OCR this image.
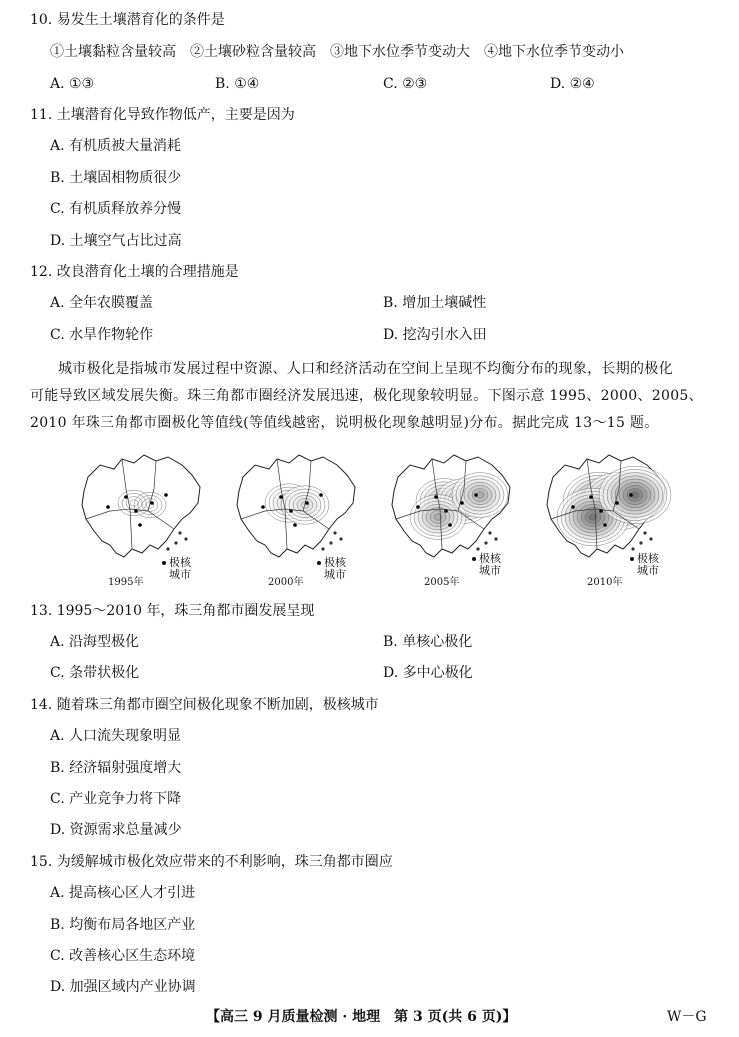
10. 易发生土壤潜育化的条件是
①土壤黏粒含量较高　②土壤砂粒含量较高　③地下水位季节变动大　④地下水位季节变动小
A. ①③	B. ①④	C. ②③	D. ②④
11. 土壤潜育化导致作物低产，主要是因为
A. 有机质被大量消耗
B. 土壤固相物质很少
C. 有机质释放养分慢
D. 土壤空气占比过高
12. 改良潜育化土壤的合理措施是
A. 全年农膜覆盖	B. 增加土壤碱性
C. 水旱作物轮作	D. 挖沟引水入田
城市极化是指城市发展过程中资源、人口和经济活动在空间上呈现不均衡分布的现象，长期的极化
可能导致区域发展失衡。珠三角都市圈经济发展迅速，极化现象较明显。下图示意 1995、2000、2005、
2010 年珠三角都市圈极化等值线(等值线越密，说明极化现象越明显)分布。据此完成 13～15 题。
1995年
极核
城市
2000年
极核
城市
2005年
极核
城市
2010年
极核
城市
13. 1995～2010 年，珠三角都市圈发展呈现
A. 沿海型极化	B. 单核心极化
C. 条带状极化	D. 多中心极化
14. 随着珠三角都市圈空间极化现象不断加剧，极核城市
A. 人口流失现象明显
B. 经济辐射强度增大
C. 产业竞争力将下降
D. 资源需求总量减少
15. 为缓解城市极化效应带来的不利影响，珠三角都市圈应
A. 提高核心区人才引进
B. 均衡布局各地区产业
C. 改善核心区生态环境
D. 加强区域内产业协调
【高三 9 月质量检测 · 地理　第 3 页(共 6 页)】	W－G
